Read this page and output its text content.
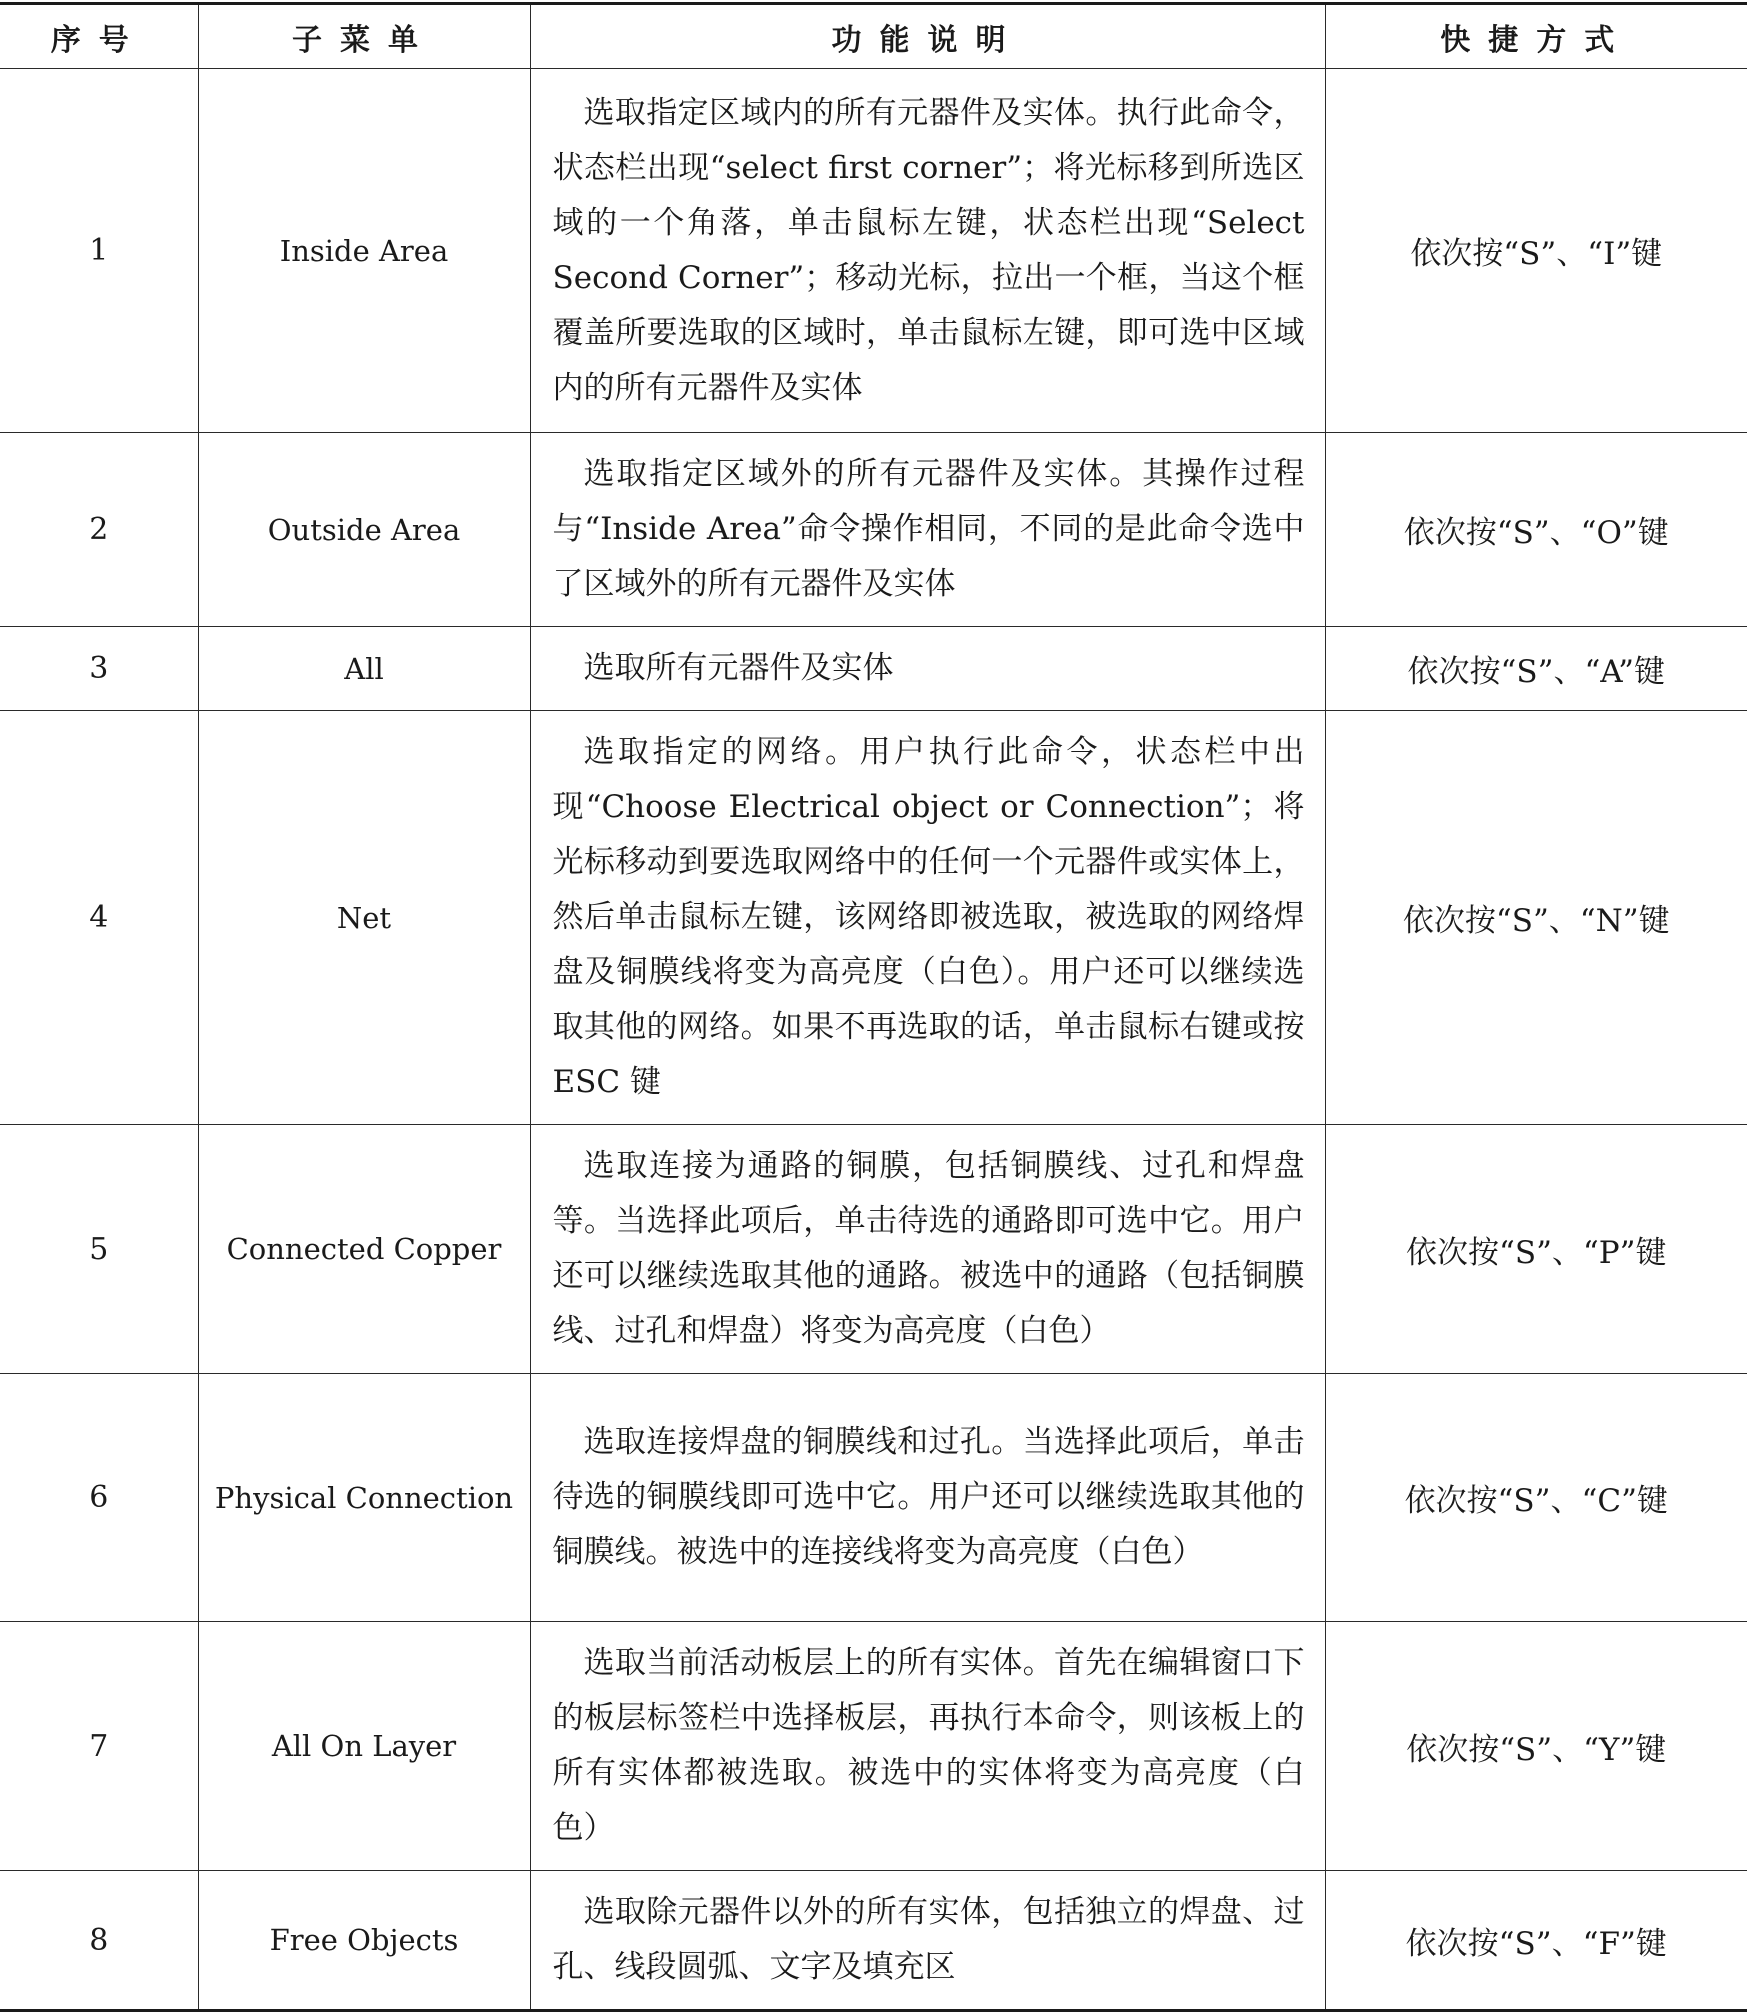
序号	子菜单	功能说明	快捷方式
1	Inside Area	选取指定区域内的所有元器件及实体。执行此命令，状态栏出现“select first corner”；将光标移到所选区域的一个角落，单击鼠标左键，状态栏出现“Select Second Corner”；移动光标，拉出一个框，当这个框覆盖所要选取的区域时，单击鼠标左键，即可选中区域内的所有元器件及实体	依次按“S”、“I”键
2	Outside Area	选取指定区域外的所有元器件及实体。其操作过程与“Inside Area”命令操作相同，不同的是此命令选中了区域外的所有元器件及实体	依次按“S”、“O”键
3	All	选取所有元器件及实体	依次按“S”、“A”键
4	Net	选取指定的网络。用户执行此命令，状态栏中出现“Choose Electrical object or Connection”；将光标移动到要选取网络中的任何一个元器件或实体上，然后单击鼠标左键，该网络即被选取，被选取的网络焊盘及铜膜线将变为高亮度（白色）。用户还可以继续选取其他的网络。如果不再选取的话，单击鼠标右键或按 ESC 键	依次按“S”、“N”键
5	Connected Copper	选取连接为通路的铜膜，包括铜膜线、过孔和焊盘等。当选择此项后，单击待选的通路即可选中它。用户还可以继续选取其他的通路。被选中的通路（包括铜膜线、过孔和焊盘）将变为高亮度（白色）	依次按“S”、“P”键
6	Physical Connection	选取连接焊盘的铜膜线和过孔。当选择此项后，单击待选的铜膜线即可选中它。用户还可以继续选取其他的铜膜线。被选中的连接线将变为高亮度（白色）	依次按“S”、“C”键
7	All On Layer	选取当前活动板层上的所有实体。首先在编辑窗口下的板层标签栏中选择板层，再执行本命令，则该板上的所有实体都被选取。被选中的实体将变为高亮度（白色）	依次按“S”、“Y”键
8	Free Objects	选取除元器件以外的所有实体，包括独立的焊盘、过孔、线段圆弧、文字及填充区	依次按“S”、“F”键
